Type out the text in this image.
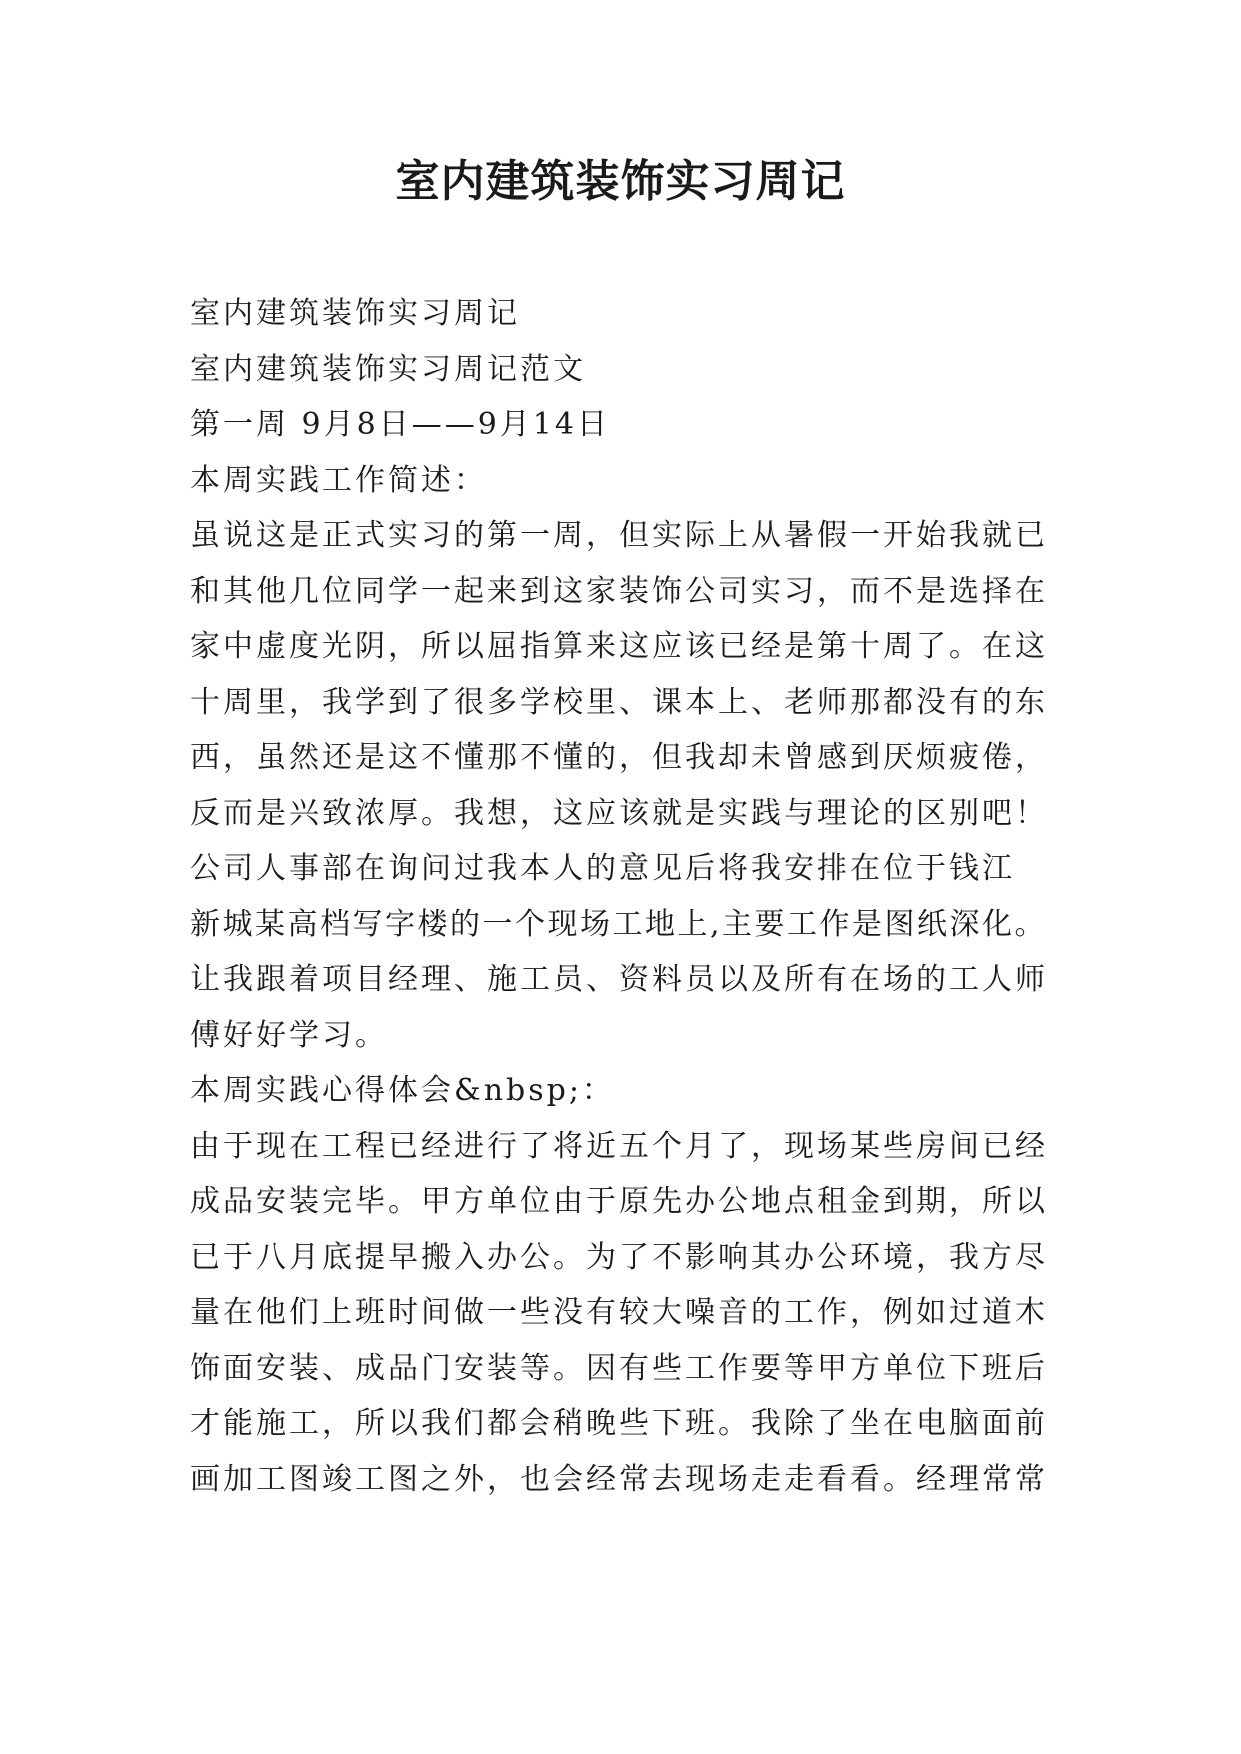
室内建筑装饰实习周记
室内建筑装饰实习周记
室内建筑装饰实习周记范文
第一周 9月8日——9月14日
本周实践工作简述：
虽说这是正式实习的第一周，但实际上从暑假一开始我就已
和其他几位同学一起来到这家装饰公司实习，而不是选择在
家中虚度光阴，所以屈指算来这应该已经是第十周了。在这
十周里，我学到了很多学校里、课本上、老师那都没有的东
西，虽然还是这不懂那不懂的，但我却未曾感到厌烦疲倦，
反而是兴致浓厚。我想，这应该就是实践与理论的区别吧！
公司人事部在询问过我本人的意见后将我安排在位于钱江
新城某高档写字楼的一个现场工地上,主要工作是图纸深化。
让我跟着项目经理、施工员、资料员以及所有在场的工人师
傅好好学习。
本周实践心得体会&nbsp;：
由于现在工程已经进行了将近五个月了，现场某些房间已经
成品安装完毕。甲方单位由于原先办公地点租金到期，所以
已于八月底提早搬入办公。为了不影响其办公环境，我方尽
量在他们上班时间做一些没有较大噪音的工作，例如过道木
饰面安装、成品门安装等。因有些工作要等甲方单位下班后
才能施工，所以我们都会稍晚些下班。我除了坐在电脑面前
画加工图竣工图之外，也会经常去现场走走看看。经理常常
